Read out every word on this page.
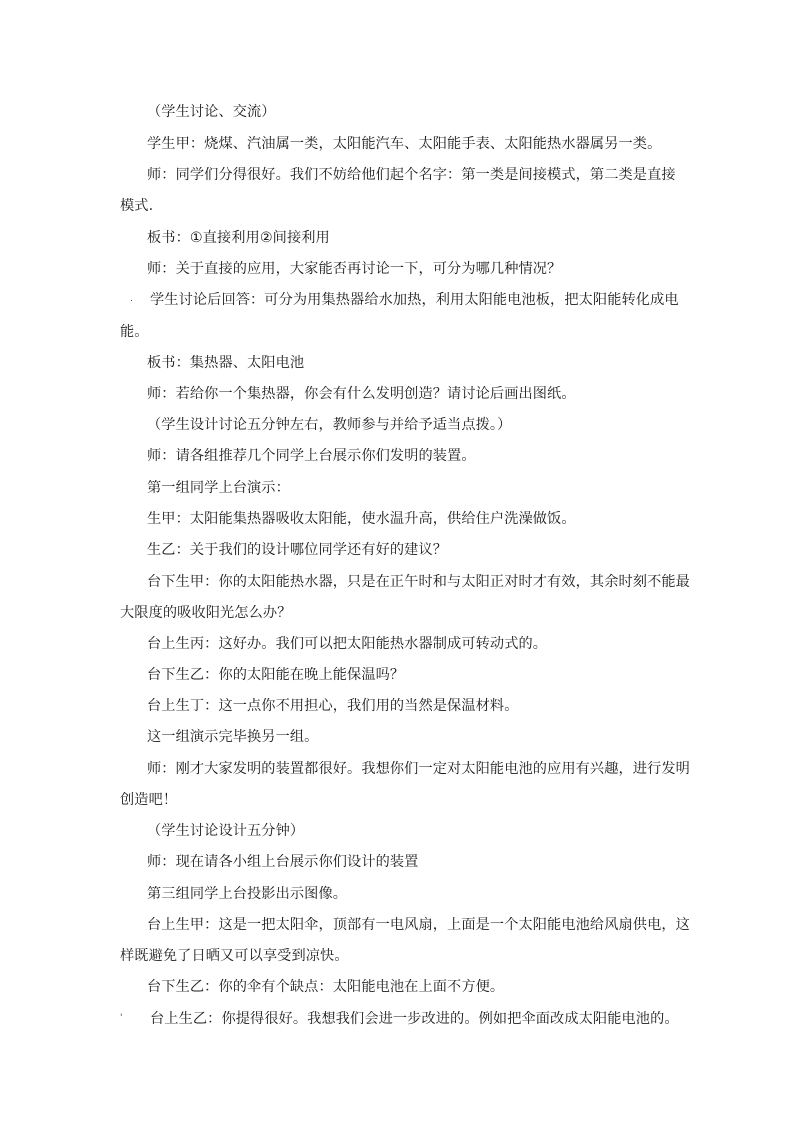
（学生讨论、交流）
学生甲：烧煤、汽油属一类，太阳能汽车、太阳能手表、太阳能热水器属另一类。
师：同学们分得很好。我们不妨给他们起个名字：第一类是间接模式，第二类是直接
模式.
板书：①直接利用②间接利用
师：关于直接的应用，大家能否再讨论一下，可分为哪几种情况？
. 学生讨论后回答：可分为用集热器给水加热，利用太阳能电池板，把太阳能转化成电
能。
板书：集热器、太阳电池
师：若给你一个集热器，你会有什么发明创造？请讨论后画出图纸。
（学生设计讨论五分钟左右，教师参与并给予适当点拨。）
师：请各组推荐几个同学上台展示你们发明的装置。
第一组同学上台演示：
生甲：太阳能集热器吸收太阳能，使水温升高，供给住户洗澡做饭。
生乙：关于我们的设计哪位同学还有好的建议？
台下生甲：你的太阳能热水器，只是在正午时和与太阳正对时才有效，其余时刻不能最
大限度的吸收阳光怎么办？
台上生丙：这好办。我们可以把太阳能热水器制成可转动式的。
台下生乙：你的太阳能在晚上能保温吗？
台上生丁：这一点你不用担心，我们用的当然是保温材料。
这一组演示完毕换另一组。
师：刚才大家发明的装置都很好。我想你们一定对太阳能电池的应用有兴趣，进行发明
创造吧！
（学生讨论设计五分钟）
师：现在请各小组上台展示你们设计的装置
第三组同学上台投影出示图像。
台上生甲：这是一把太阳伞，顶部有一电风扇，上面是一个太阳能电池给风扇供电，这
样既避免了日晒又可以享受到凉快。
台下生乙：你的伞有个缺点：太阳能电池在上面不方便。
' 台上生乙：你提得很好。我想我们会进一步改进的。例如把伞面改成太阳能电池的。
